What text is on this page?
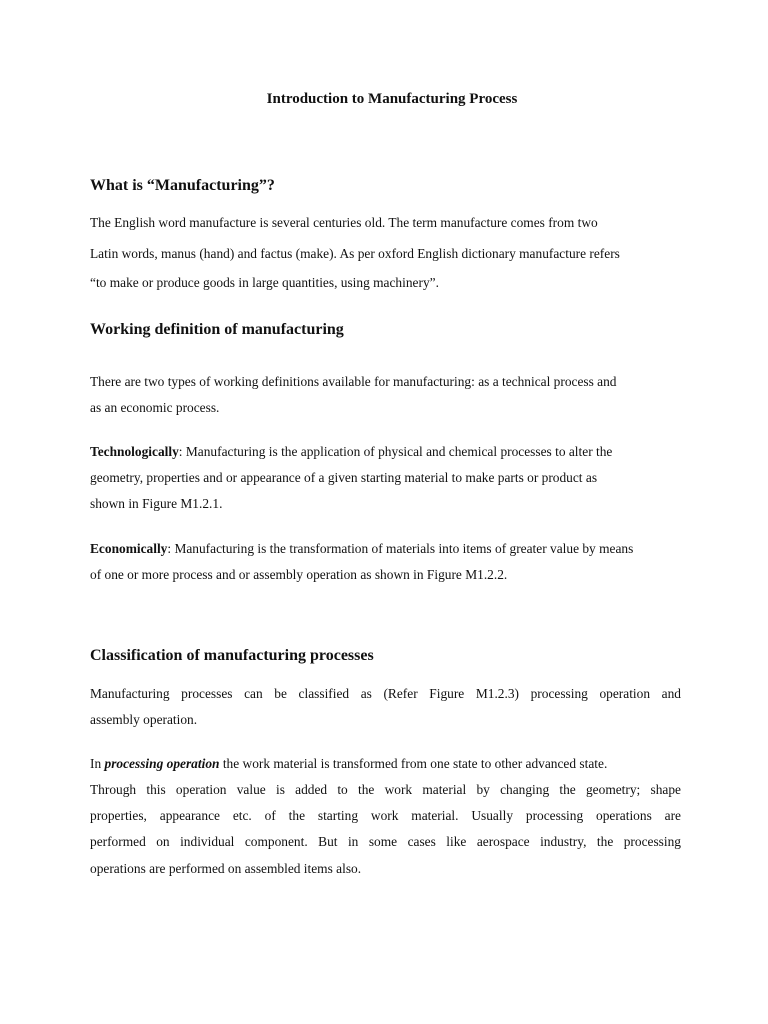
Introduction to Manufacturing Process
What is “Manufacturing”?

The English word manufacture is several centuries old. The term manufacture comes from two

Latin words, manus (hand) and factus (make). As per oxford English dictionary manufacture refers

“to make or produce goods in large quantities, using machinery”.

Working definition of manufacturing

There are two types of working definitions available for manufacturing: as a technical process and

as an economic process.

Technologically: Manufacturing is the application of physical and chemical processes to alter the

geometry, properties and or appearance of a given starting material to make parts or product as

shown in Figure M1.2.1.

Economically: Manufacturing is the transformation of materials into items of greater value by means

of one or more process and or assembly operation as shown in Figure M1.2.2.

Classification of manufacturing processes

Manufacturing processes can be classified as (Refer Figure M1.2.3) processing operation and

assembly operation.

In processing operation the work material is transformed from one state to other advanced state.

Through this operation value is added to the work material by changing the geometry; shape

properties, appearance etc. of the starting work material. Usually processing operations are

performed on individual component. But in some cases like aerospace industry, the processing

operations are performed on assembled items also.
